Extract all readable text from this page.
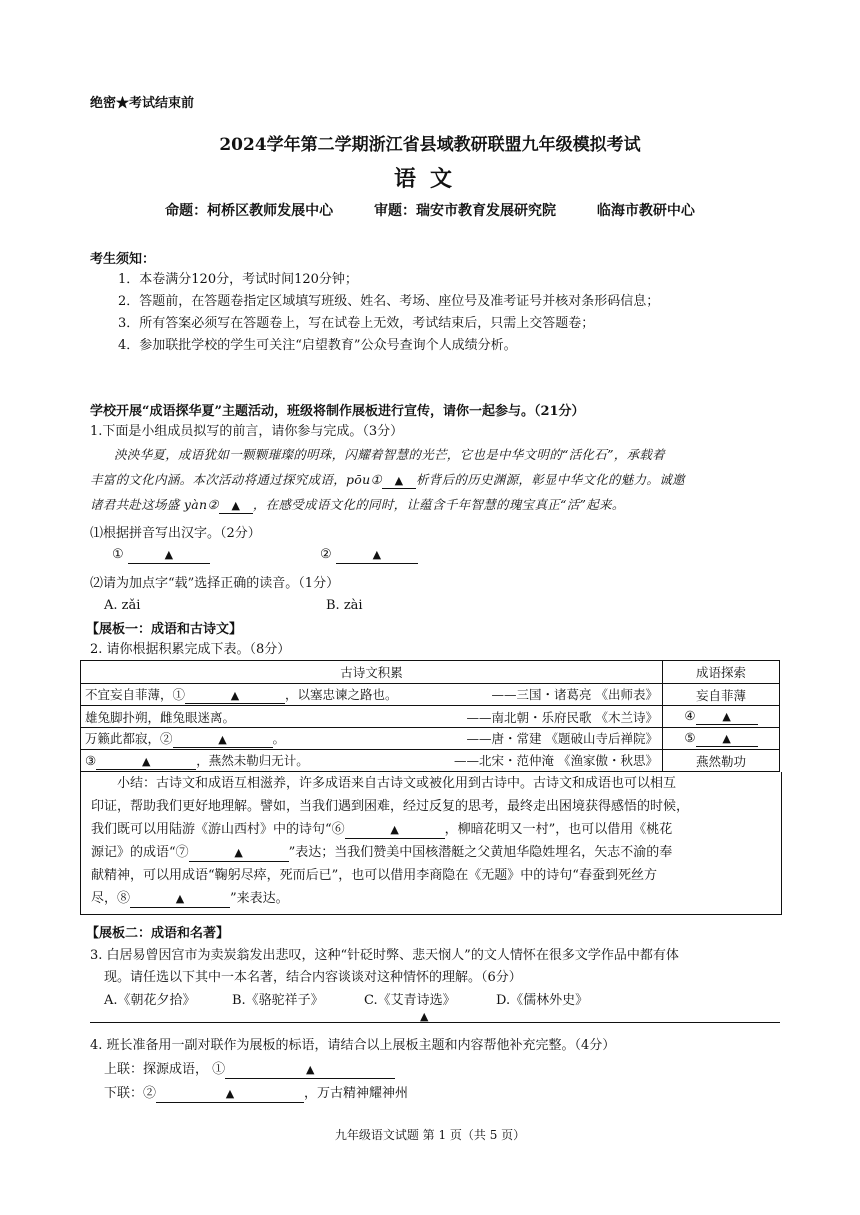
绝密★考试结束前
2024学年第二学期浙江省县域教研联盟九年级模拟考试
语文
命题：柯桥区教师发展中心	审题：瑞安市教育发展研究院	临海市教研中心
考生须知：
1．本卷满分120分，考试时间120分钟；
2．答题前，在答题卷指定区域填写班级、姓名、考场、座位号及准考证号并核对条形码信息；
3．所有答案必须写在答题卷上，写在试卷上无效，考试结束后，只需上交答题卷；
4．参加联批学校的学生可关注“启望教育”公众号查询个人成绩分析。
学校开展“成语探华夏”主题活动，班级将制作展板进行宣传，请你一起参与。（21分）
1.下面是小组成员拟写的前言，请你参与完成。（3分）
泱泱华夏，成语犹如一颗颗璀璨的明珠，闪耀着智慧的光芒，它也是中华文明的“活化石”，承载着
丰富的文化内涵。本次活动将通过探究成语，pōu① ▲ 析背后的历史渊源，彰显中华文化的魅力。诚邀
诸君共赴这场盛 yàn② ▲ ，在感受成语文化的同时，让蕴含千年智慧的瑰宝真正“活”起来。
⑴根据拼音写出汉字。（2分）
①	▲	②	▲
⑵请为加点字“载”选择正确的读音。（1分）
A. zǎi	B. zài
【展板一：成语和古诗文】
2. 请你根据积累完成下表。（8分）
古诗文积累	成语探索
不宜妄自菲薄，① ▲ ，以塞忠谏之路也。 ——三国・诸葛亮 《出师表》	妄自菲薄
雄兔脚扑朔，雌兔眼迷离。 ——南北朝・乐府民歌 《木兰诗》	④ ▲
万籁此都寂，② ▲ 。 ——唐・常建 《题破山寺后禅院》	⑤ ▲
③ ▲ ，燕然未勒归无计。 ——北宋・范仲淹 《渔家傲・秋思》	燕然勒功

小结：古诗文和成语互相滋养，许多成语来自古诗文或被化用到古诗中。古诗文和成语也可以相互

印证，帮助我们更好地理解。譬如，当我们遇到困难，经过反复的思考，最终走出困境获得感悟的时候，

我们既可以用陆游《游山西村》中的诗句“⑥	▲	，柳暗花明又一村”，也可以借用《桃花

源记》的成语“⑦	▲	”表达；当我们赞美中国核潜艇之父黄旭华隐姓埋名，矢志不渝的奉

献精神，可以用成语“鞠躬尽瘁，死而后已”，也可以借用李商隐在《无题》中的诗句“春蚕到死丝方

尽，⑧	▲	”来表达。

【展板二：成语和名著】
3. 白居易曾因宫市为卖炭翁发出悲叹，这种“针砭时弊、悲天悯人”的文人情怀在很多文学作品中都有体
现。请任选以下其中一本名著，结合内容谈谈对这种情怀的理解。（6分）
A.《朝花夕拾》	B.《骆驼祥子》	C.《艾青诗选》	D.《儒林外史》
▲
4. 班长准备用一副对联作为展板的标语，请结合以上展板主题和内容帮他补充完整。（4分）
上联：探源成语， ①	▲
下联：②	▲	，万古精神耀神州
九年级语文试题 第 1 页（共 5 页）
